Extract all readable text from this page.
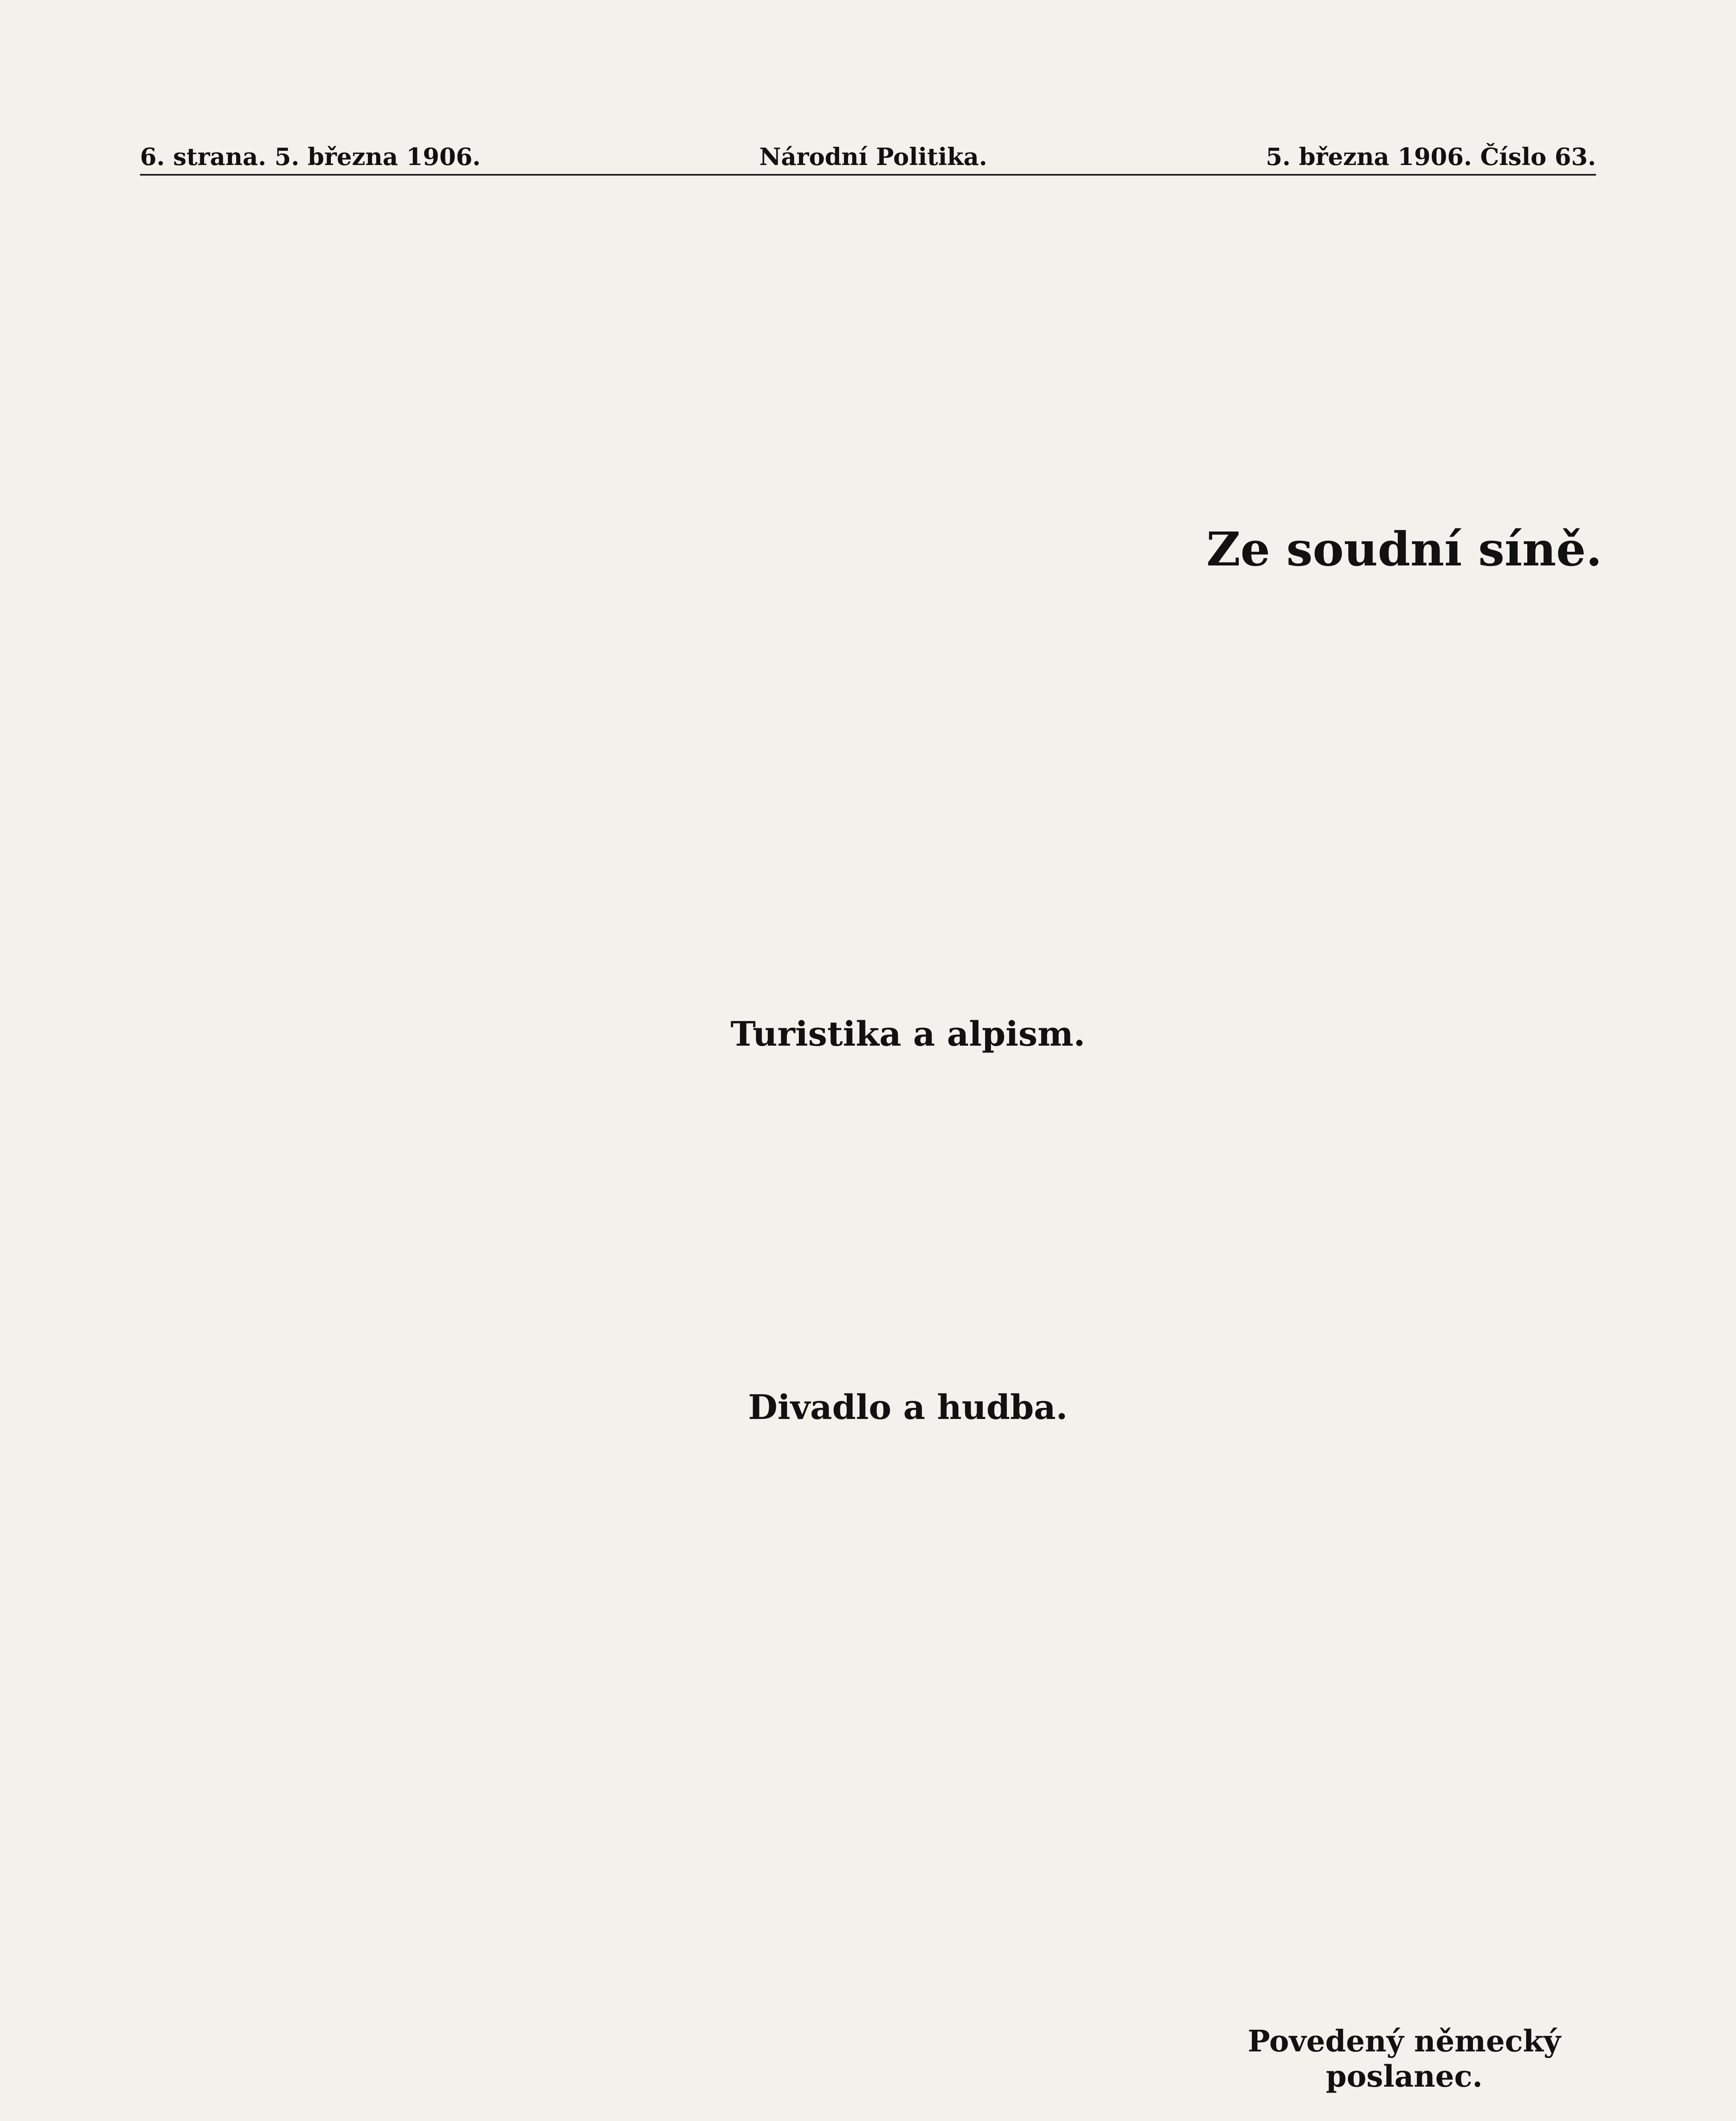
6. strana. 5. března 1906.	Národní Politika.	5. března 1906. Číslo 63.
Ze soudní síně.
Turistika a alpism.
Divadlo a hudba.
Povedený německý poslanec.
